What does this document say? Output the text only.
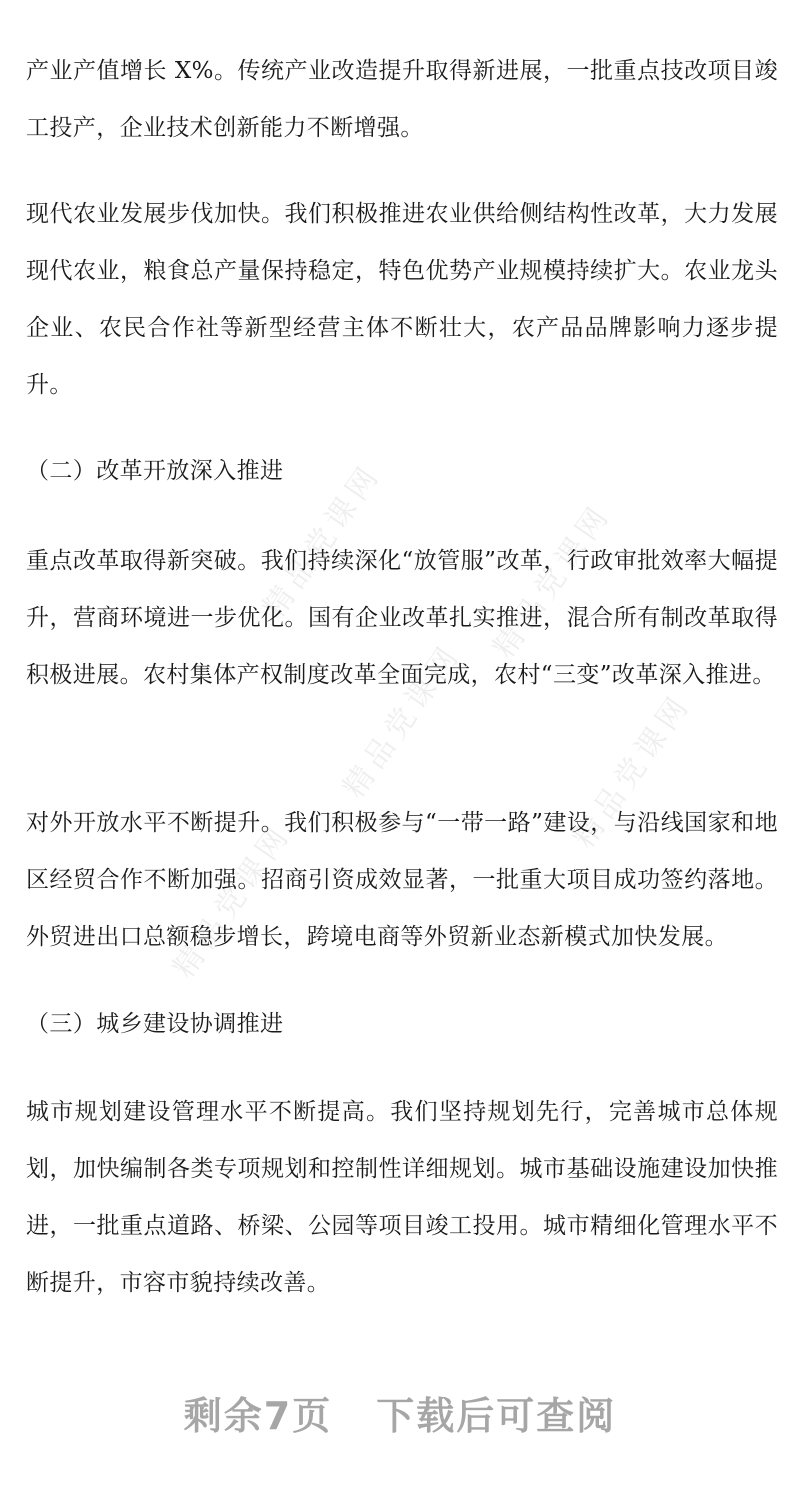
精品党课网
精品党课网
精品党课网
精品党课网
精品党课网

产业产值增长 X%。传统产业改造提升取得新进展，一批重点技改项目竣工投产，企业技术创新能力不断增强。

现代农业发展步伐加快。我们积极推进农业供给侧结构性改革，大力发展现代农业，粮食总产量保持稳定，特色优势产业规模持续扩大。农业龙头企业、农民合作社等新型经营主体不断壮大，农产品品牌影响力逐步提升。

（二）改革开放深入推进

重点改革取得新突破。我们持续深化“放管服”改革，行政审批效率大幅提升，营商环境进一步优化。国有企业改革扎实推进，混合所有制改革取得积极进展。农村集体产权制度改革全面完成，农村“三变”改革深入推进。

对外开放水平不断提升。我们积极参与“一带一路”建设，与沿线国家和地区经贸合作不断加强。招商引资成效显著，一批重大项目成功签约落地。外贸进出口总额稳步增长，跨境电商等外贸新业态新模式加快发展。

（三）城乡建设协调推进

城市规划建设管理水平不断提高。我们坚持规划先行，完善城市总体规划，加快编制各类专项规划和控制性详细规划。城市基础设施建设加快推进，一批重点道路、桥梁、公园等项目竣工投用。城市精细化管理水平不断提升，市容市貌持续改善。

剩余7页 下载后可查阅
